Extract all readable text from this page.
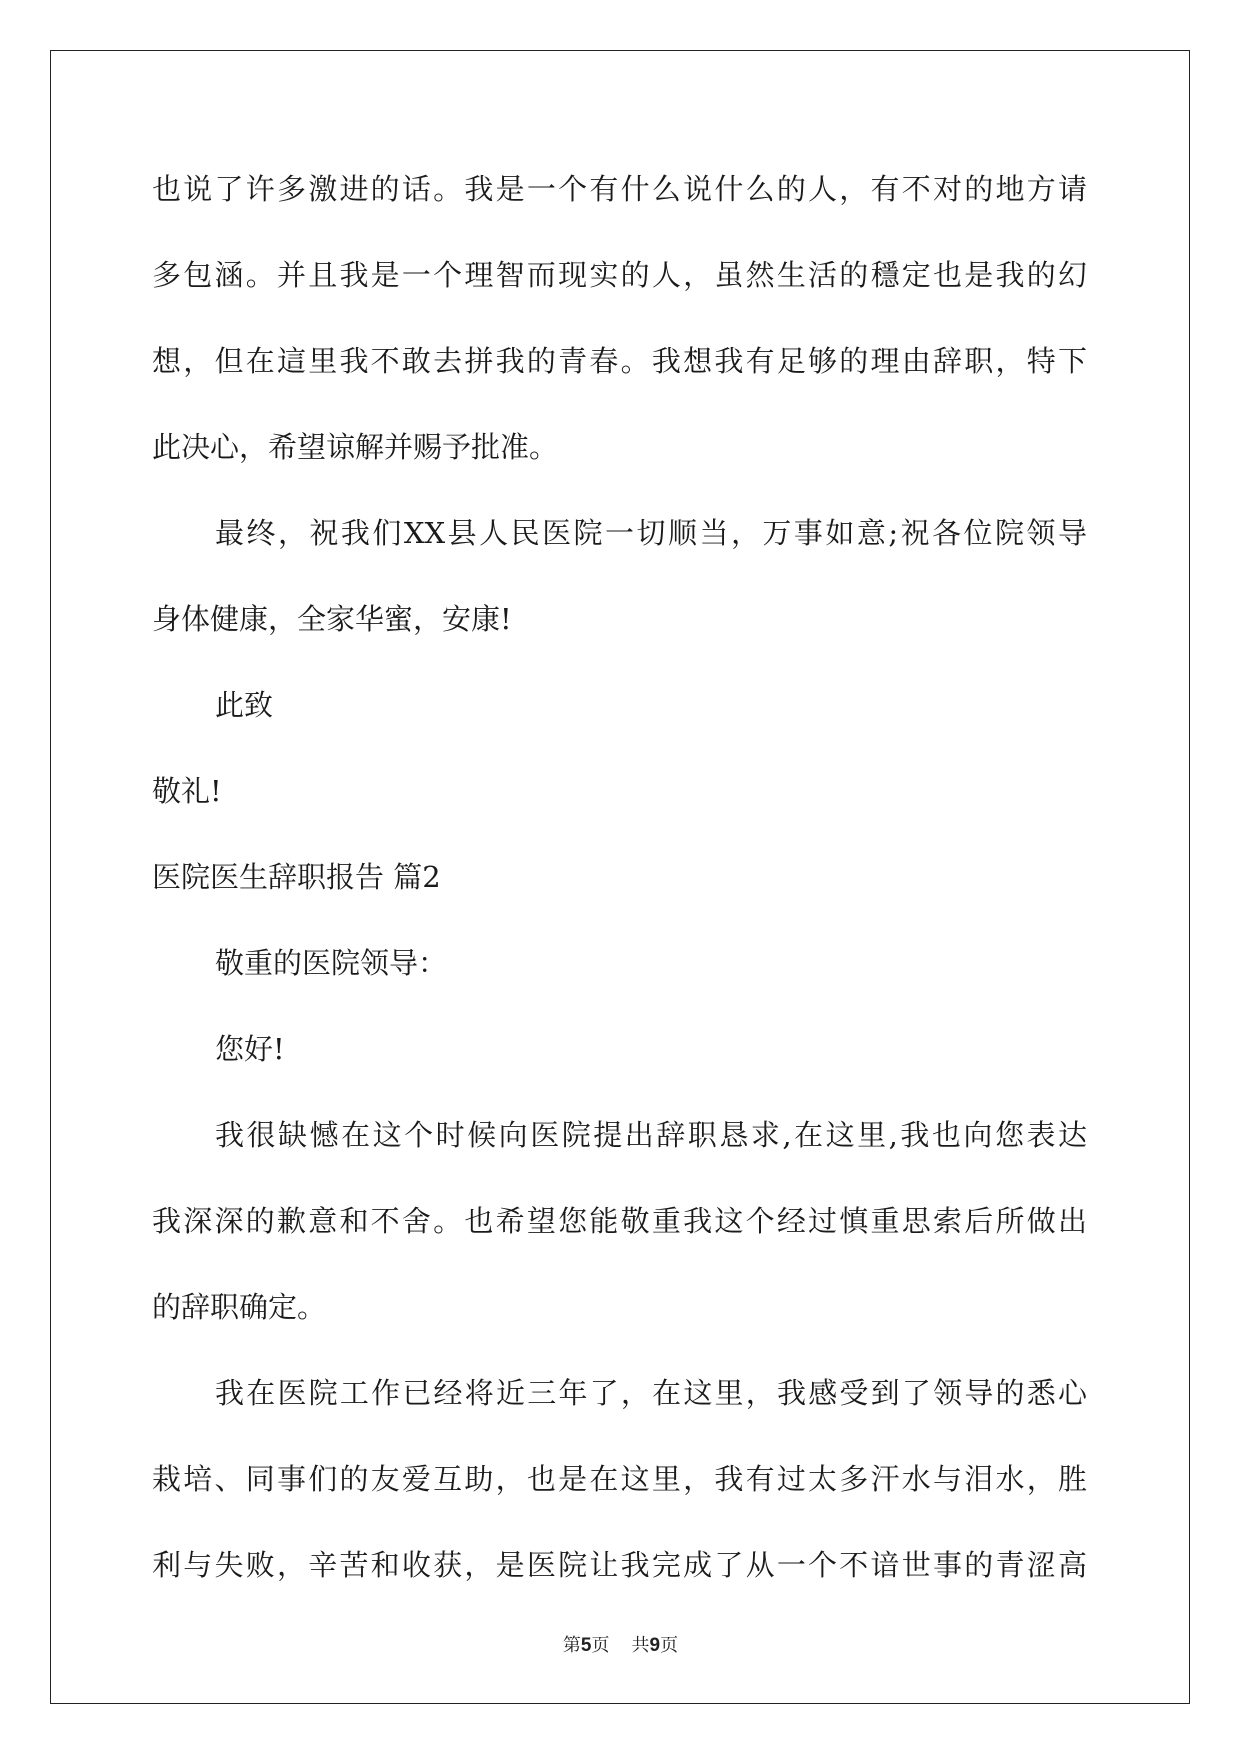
也说了许多激进的话。我是一个有什么说什么的人，有不对的地方请
多包涵。并且我是一个理智而现实的人，虽然生活的穩定也是我的幻
想，但在這里我不敢去拼我的青春。我想我有足够的理由辞职，特下
此决心，希望谅解并赐予批准。
最终，祝我们XX县人民医院一切顺当，万事如意;祝各位院领导
身体健康，全家华蜜，安康!
此致
敬礼!
医院医生辞职报告 篇2
敬重的医院领导：
您好!
我很缺憾在这个时候向医院提出辞职恳求,在这里,我也向您表达
我深深的歉意和不舍。也希望您能敬重我这个经过慎重思索后所做出
的辞职确定。
我在医院工作已经将近三年了，在这里，我感受到了领导的悉心
栽培、同事们的友爱互助，也是在这里，我有过太多汗水与泪水，胜
利与失败，辛苦和收获，是医院让我完成了从一个不谙世事的青涩高
第5页 共9页
